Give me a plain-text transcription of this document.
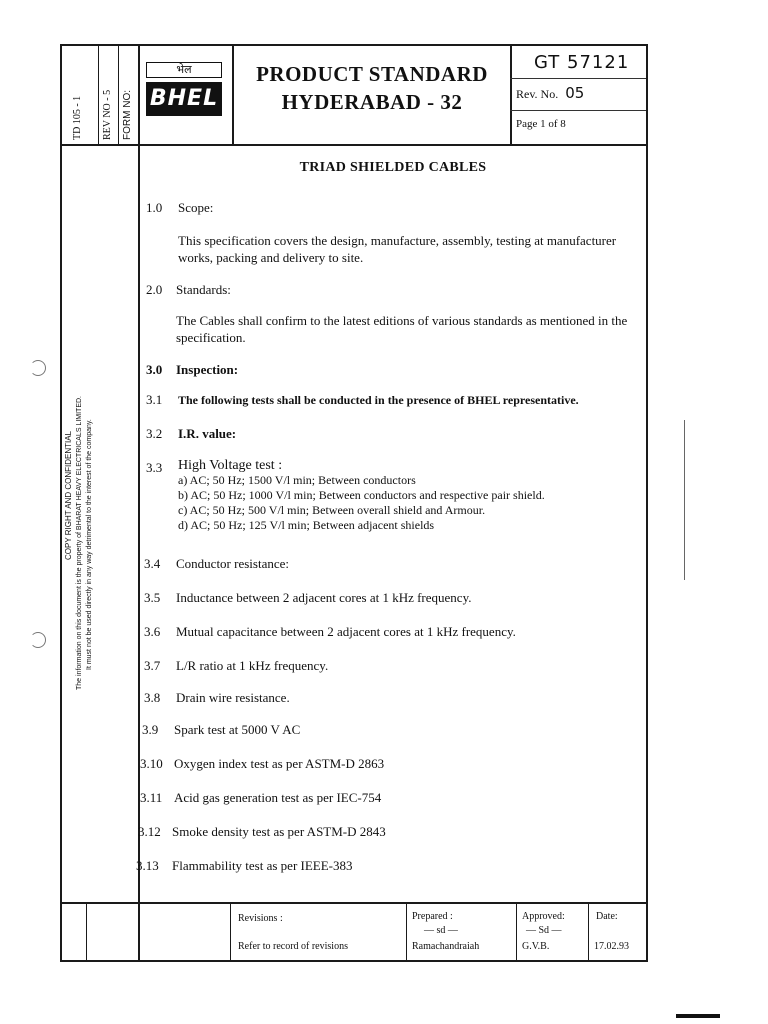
TD 105 - 1 REV NO - 5 FORM NO:
COPY RIGHT AND CONFIDENTIAL The information on this document is the property of BHARAT HEAVY ELECTRICALS LIMITED. It must not be used directly in any way detrimental to the interest of the company.
भेल
BHEL
PRODUCT STANDARD
HYDERABAD - 32
GT 57121
Rev. No. 05
Page 1 of 8
TRIAD SHIELDED CABLES
1.0 Scope:
This specification covers the design, manufacture, assembly, testing at manufacturer works, packing and delivery to site.
2.0 Standards:
The Cables shall confirm to the latest editions of various standards as mentioned in the specification.
3.0 Inspection:
3.1 The following tests shall be conducted in the presence of BHEL representative.
3.2 I.R. value:
3.3 High Voltage test :
a) AC; 50 Hz; 1500 V/l min; Between conductors
b) AC; 50 Hz; 1000 V/l min; Between conductors and respective pair shield.
c) AC; 50 Hz; 500 V/l min; Between overall shield and Armour.
d) AC; 50 Hz; 125 V/l min; Between adjacent shields
3.4 Conductor resistance:
3.5 Inductance between 2 adjacent cores at 1 kHz frequency.
3.6 Mutual capacitance between 2 adjacent cores at 1 kHz frequency.
3.7 L/R ratio at 1 kHz frequency.
3.8 Drain wire resistance.
3.9 Spark test at 5000 V AC
3.10 Oxygen index test as per ASTM-D 2863
3.11 Acid gas generation test as per IEC-754
3.12 Smoke density test as per ASTM-D 2843
3.13 Flammability test as per IEEE-383
Revisions :
Refer to record of revisions
Prepared :
— sd —
Ramachandraiah
Approved:
— Sd —
G.V.B.
Date:
17.02.93
